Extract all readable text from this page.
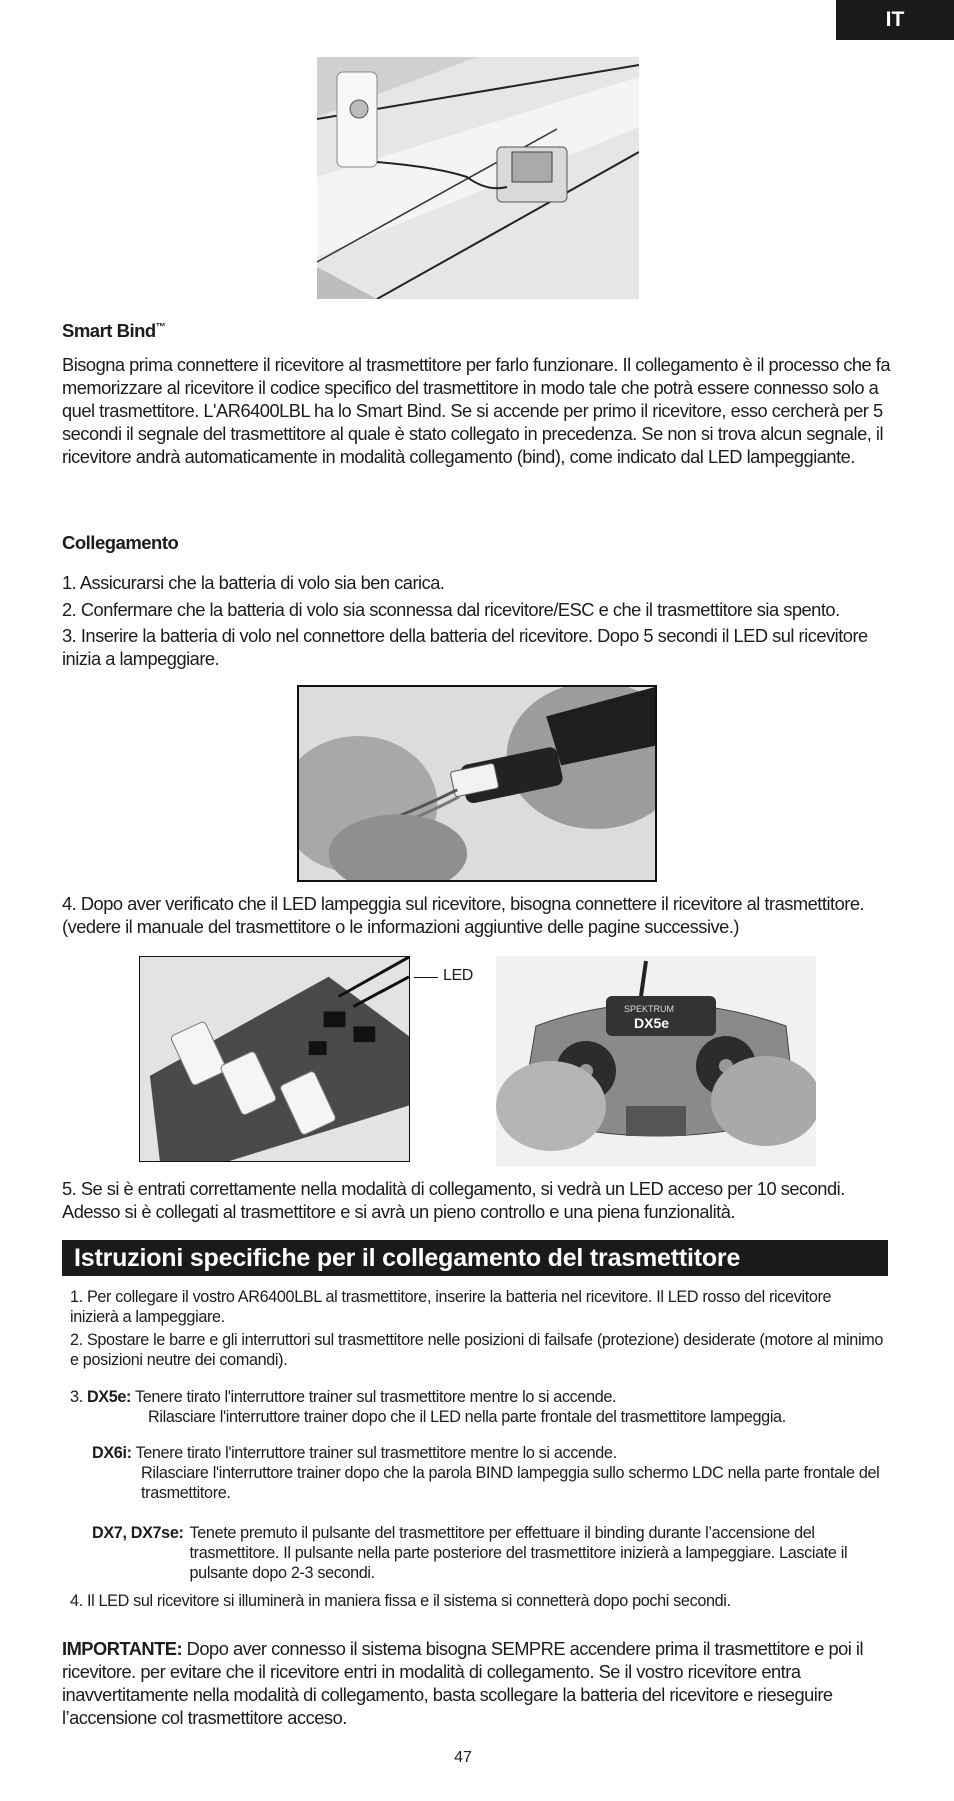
IT
Smart Bind™
Bisogna prima connettere il ricevitore al trasmettitore per farlo funzionare. Il collegamento è il processo che fa memorizzare al ricevitore il codice specifico del trasmettitore in modo tale che potrà essere connesso solo a quel trasmettitore. L'AR6400LBL ha lo Smart Bind. Se si accende per primo il ricevitore, esso cercherà per 5 secondi il segnale del trasmettitore al quale è stato collegato in precedenza. Se non si trova alcun segnale, il ricevitore andrà automaticamente in modalità collegamento (bind), come indicato dal LED lampeggiante.
Collegamento
1. Assicurarsi che la batteria di volo sia ben carica.
2. Confermare che la batteria di volo sia sconnessa dal ricevitore/ESC e che il trasmettitore sia spento.
3. Inserire la batteria di volo nel connettore della batteria del ricevitore. Dopo 5 secondi il LED sul ricevitore inizia a lampeggiare.
4. Dopo aver verificato che il LED lampeggia sul ricevitore, bisogna connettere il ricevitore al trasmettitore. (vedere il manuale del trasmettitore o le informazioni aggiuntive delle pagine successive.)
LED
SPEKTRUM
DX5e
5. Se si è entrati correttamente nella modalità di collegamento, si vedrà un LED acceso per 10 secondi. Adesso si è collegati al trasmettitore e si avrà un pieno controllo e una piena funzionalità.
Istruzioni specifiche per il collegamento del trasmettitore
1. Per collegare il vostro AR6400LBL al trasmettitore, inserire la batteria nel ricevitore. Il LED rosso del ricevitore inizierà a lampeggiare.
2. Spostare le barre e gli interruttori sul trasmettitore nelle posizioni di failsafe (protezione) desiderate (motore al minimo e posizioni neutre dei comandi).
3. DX5e: Tenere tirato l'interruttore trainer sul trasmettitore mentre lo si accende.
Rilasciare l'interruttore trainer dopo che il LED nella parte frontale del trasmettitore lampeggia.
DX6i: Tenere tirato l'interruttore trainer sul trasmettitore mentre lo si accende.

Rilasciare l'interruttore trainer dopo che la parola BIND lampeggia sullo schermo LDC nella parte frontale del trasmettitore.
DX7, DX7se: Tenete premuto il pulsante del trasmettitore per effettuare il binding durante l’accensione del trasmettitore. Il pulsante nella parte posteriore del trasmettitore inizierà a lampeggiare. Lasciate il pulsante dopo 2-3 secondi.
4. Il LED sul ricevitore si illuminerà in maniera fissa e il sistema si connetterà dopo pochi secondi.
IMPORTANTE: Dopo aver connesso il sistema bisogna SEMPRE accendere prima il trasmettitore e poi il ricevitore. per evitare che il ricevitore entri in modalità di collegamento. Se il vostro ricevitore entra inavvertitamente nella modalità di collegamento, basta scollegare la batteria del ricevitore e rieseguire l’accensione col trasmettitore acceso.
47
